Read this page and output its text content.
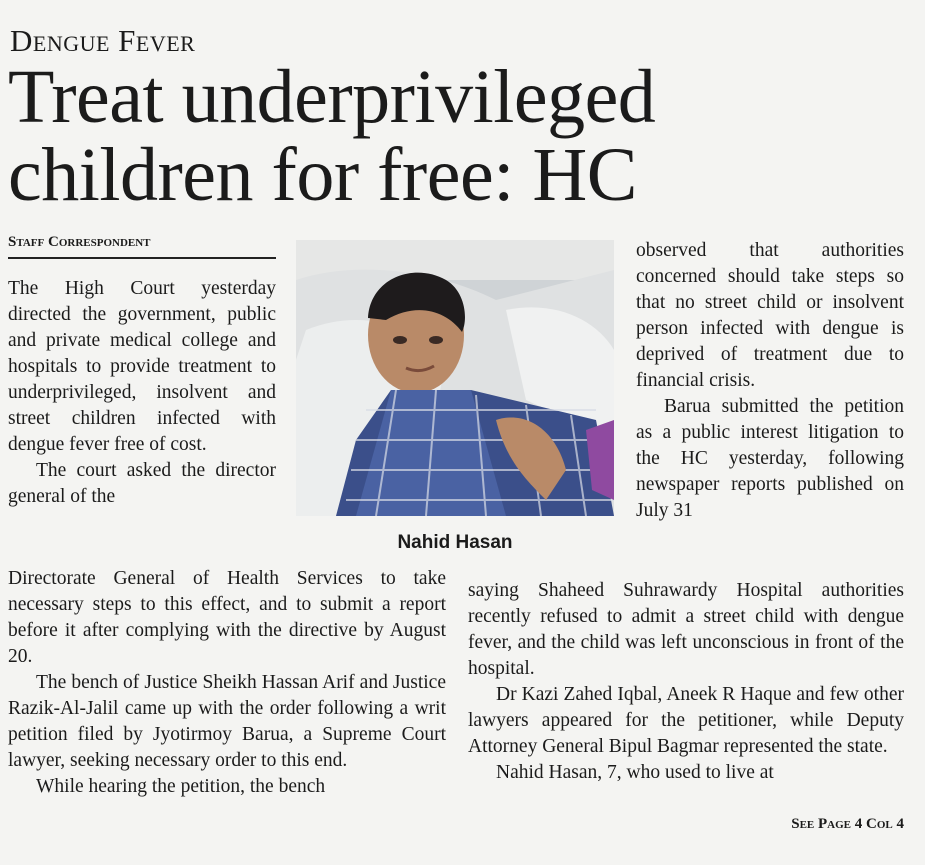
Dengue Fever
Treat underprivileged children for free: HC
Staff Correspondent

The High Court yesterday directed the government, public and private medical college and hospitals to provide treatment to underprivileged, insolvent and street children infected with dengue fever free of cost.

The court asked the director general of the

Directorate General of Health Services to take necessary steps to this effect, and to submit a report before it after complying with the directive by August 20.

The bench of Justice Sheikh Hassan Arif and Justice Razik-Al-Jalil came up with the order following a writ petition filed by Jyotirmoy Barua, a Supreme Court lawyer, seeking necessary order to this end.

While hearing the petition, the bench

Nahid Hasan

observed that authorities concerned should take steps so that no street child or insolvent person infected with dengue is deprived of treatment due to financial crisis.

Barua submitted the petition as a public interest litigation to the HC yesterday, following newspaper reports published on July 31

saying Shaheed Suhrawardy Hospital authorities recently refused to admit a street child with dengue fever, and the child was left unconscious in front of the hospital.

Dr Kazi Zahed Iqbal, Aneek R Haque and few other lawyers appeared for the petitioner, while Deputy Attorney General Bipul Bagmar represented the state.

Nahid Hasan, 7, who used to live at

See Page 4 Col 4
